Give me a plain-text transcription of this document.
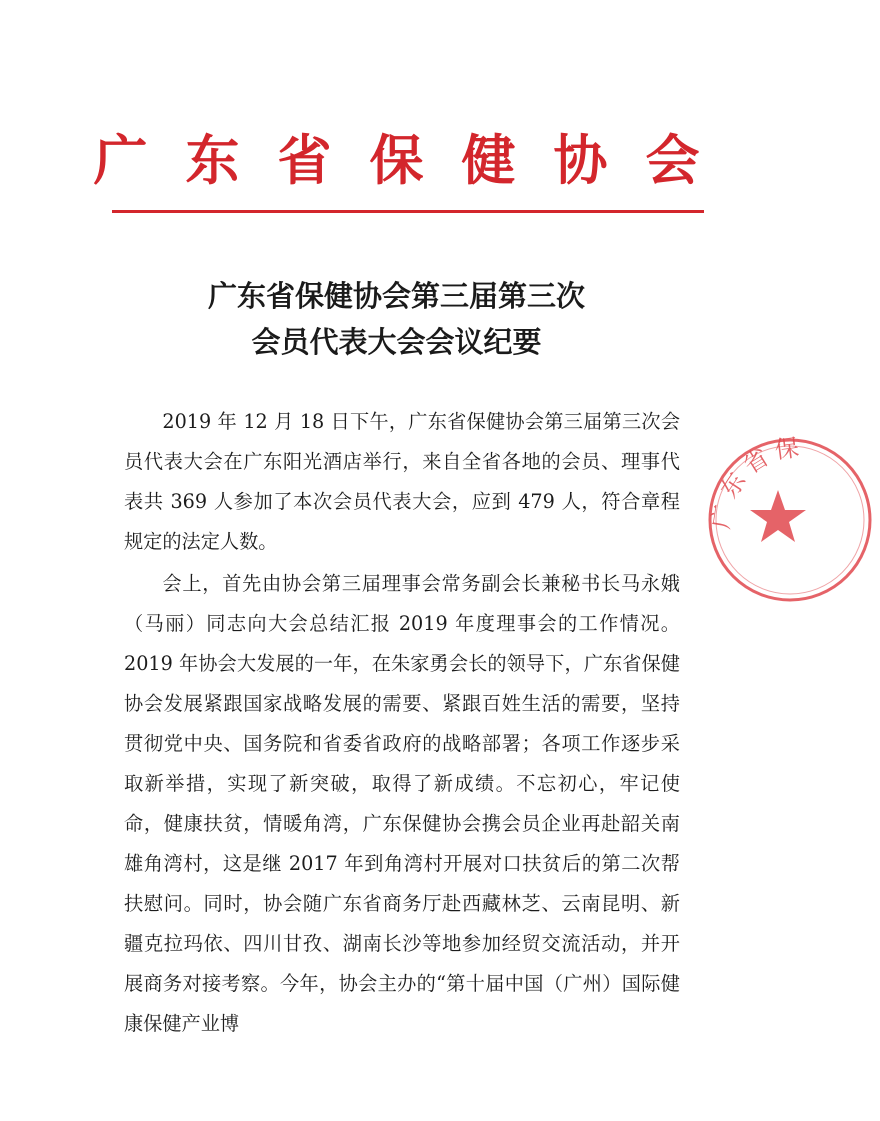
广东省保健协会
广东省保健协会第三届第三次
会员代表大会会议纪要

2019 年 12 月 18 日下午，广东省保健协会第三届第三次会员代表大会在广东阳光酒店举行，来自全省各地的会员、理事代表共 369 人参加了本次会员代表大会，应到 479 人，符合章程规定的法定人数。

会上，首先由协会第三届理事会常务副会长兼秘书长马永娥（马丽）同志向大会总结汇报 2019 年度理事会的工作情况。2019 年协会大发展的一年，在朱家勇会长的领导下，广东省保健协会发展紧跟国家战略发展的需要、紧跟百姓生活的需要，坚持贯彻党中央、国务院和省委省政府的战略部署；各项工作逐步采取新举措，实现了新突破，取得了新成绩。不忘初心，牢记使命，健康扶贫，情暖角湾，广东保健协会携会员企业再赴韶关南雄角湾村，这是继 2017 年到角湾村开展对口扶贫后的第二次帮扶慰问。同时，协会随广东省商务厅赴西藏林芝、云南昆明、新疆克拉玛依、四川甘孜、湖南长沙等地参加经贸交流活动，并开展商务对接考察。今年，协会主办的“第十届中国（广州）国际健康保健产业博

广东省保
